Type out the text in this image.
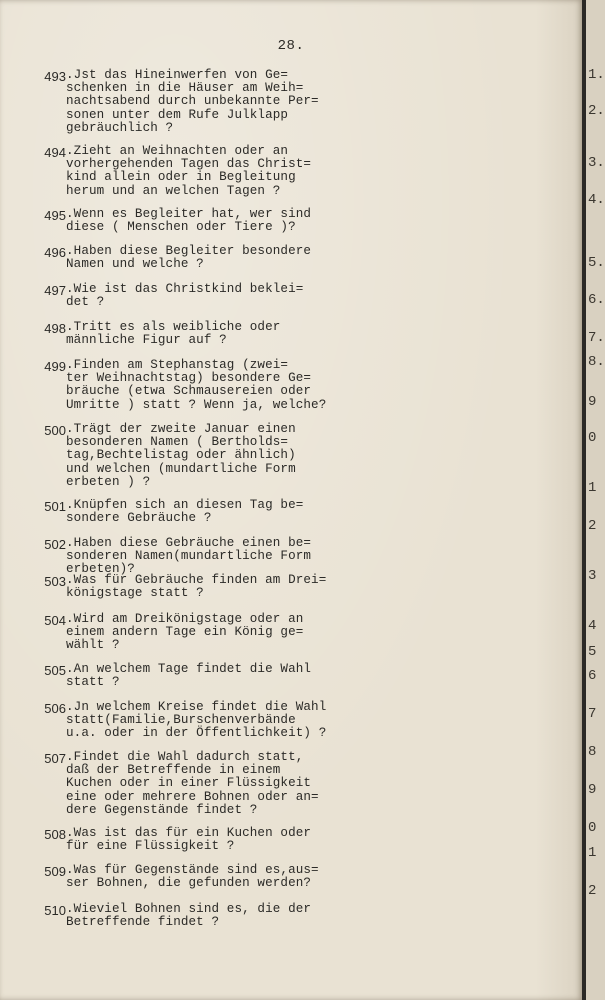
28.
493 .Jst das Hineinwerfen von Ge=
schenken in die Häuser am Weih=
nachtsabend durch unbekannte Per=
sonen unter dem Rufe Julklapp
gebräuchlich ?
494 .Zieht an Weihnachten oder an
vorhergehenden Tagen das Christ=
kind allein oder in Begleitung
herum und an welchen Tagen ?
495 .Wenn es Begleiter hat, wer sind
diese ( Menschen oder Tiere )?
496 .Haben diese Begleiter besondere
Namen und welche ?
497 .Wie ist das Christkind beklei=
det ?
498 .Tritt es als weibliche oder
männliche Figur auf ?
499 .Finden am Stephanstag (zwei=
ter Weihnachtstag) besondere Ge=
bräuche (etwa Schmausereien oder
Umritte ) statt ? Wenn ja, welche?
500 .Trägt der zweite Januar einen
besonderen Namen ( Bertholds=
tag,Bechtelistag oder ähnlich)
und welchen (mundartliche Form
erbeten ) ?
501 .Knüpfen sich an diesen Tag be=
sondere Gebräuche ?
502 .Haben diese Gebräuche einen be=
sonderen Namen(mundartliche Form
erbeten)?
503 .Was für Gebräuche finden am Drei=
königstage statt ?
504 .Wird am Dreikönigstage oder an
einem andern Tage ein König ge=
wählt ?
505 .An welchem Tage findet die Wahl
statt ?
506 .Jn welchem Kreise findet die Wahl
statt(Familie,Burschenverbände
u.a. oder in der Öffentlichkeit) ?
507 .Findet die Wahl dadurch statt,
daß der Betreffende in einem
Kuchen oder in einer Flüssigkeit
eine oder mehrere Bohnen oder an=
dere Gegenstände findet ?
508 .Was ist das für ein Kuchen oder
für eine Flüssigkeit ?
509 .Was für Gegenstände sind es,aus=
ser Bohnen, die gefunden werden?
510 .Wieviel Bohnen sind es, die der
Betreffende findet ?
1.
2.
3.
4.
5.
6.
7.
8.
9
0
1
2
3
4
5
6
7
8
9
0
1
2
